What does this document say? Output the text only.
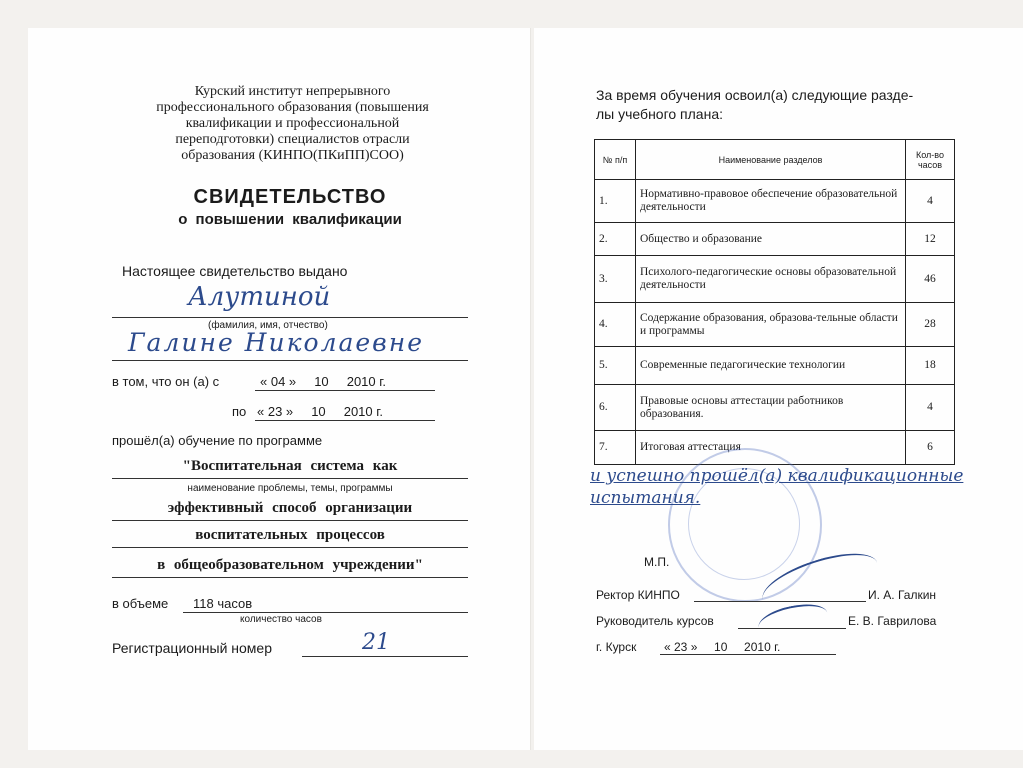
Курский институт непрерывного
профессионального образования (повышения
квалификации и профессиональной
переподготовки) специалистов отрасли
образования (КИНПО(ПКиПП)СОО)
СВИДЕТЕЛЬСТВО
о повышении квалификации
Настоящее свидетельство выдано
Алутиной
(фамилия, имя, отчество)
Галине Николаевне
в том, что он (а) с	« 04 »     10     2010 г.
по « 23 »     10     2010 г.
прошёл(а) обучение по программе
"Воспитательная система как
наименование проблемы, темы, программы
эффективный способ организации
воспитательных процессов
в общеобразовательном учреждении"
в объеме 118 часов
количество часов
Регистрационный номер	21
За время обучения освоил(а) следующие разде-
лы учебного плана:
№ п/п	Наименование разделов	Кол-во часов
1.	Нормативно-правовое обеспечение образовательной деятельности	4
2.	Общество и образование	12
3.	Психолого-педагогические основы образовательной деятельности	46
4.	Содержание образования, образова-тельные области и программы	28
5.	Современные педагогические технологии	18
6.	Правовые основы аттестации работников образования.	4
7.	Итоговая аттестация	6
и успешно прошёл(а) квалификационные
испытания.
М.П.
Ректор КИНПО	И. А. Галкин
Руководитель курсов	Е. В. Гаврилова
г. Курск « 23 »     10     2010 г.
